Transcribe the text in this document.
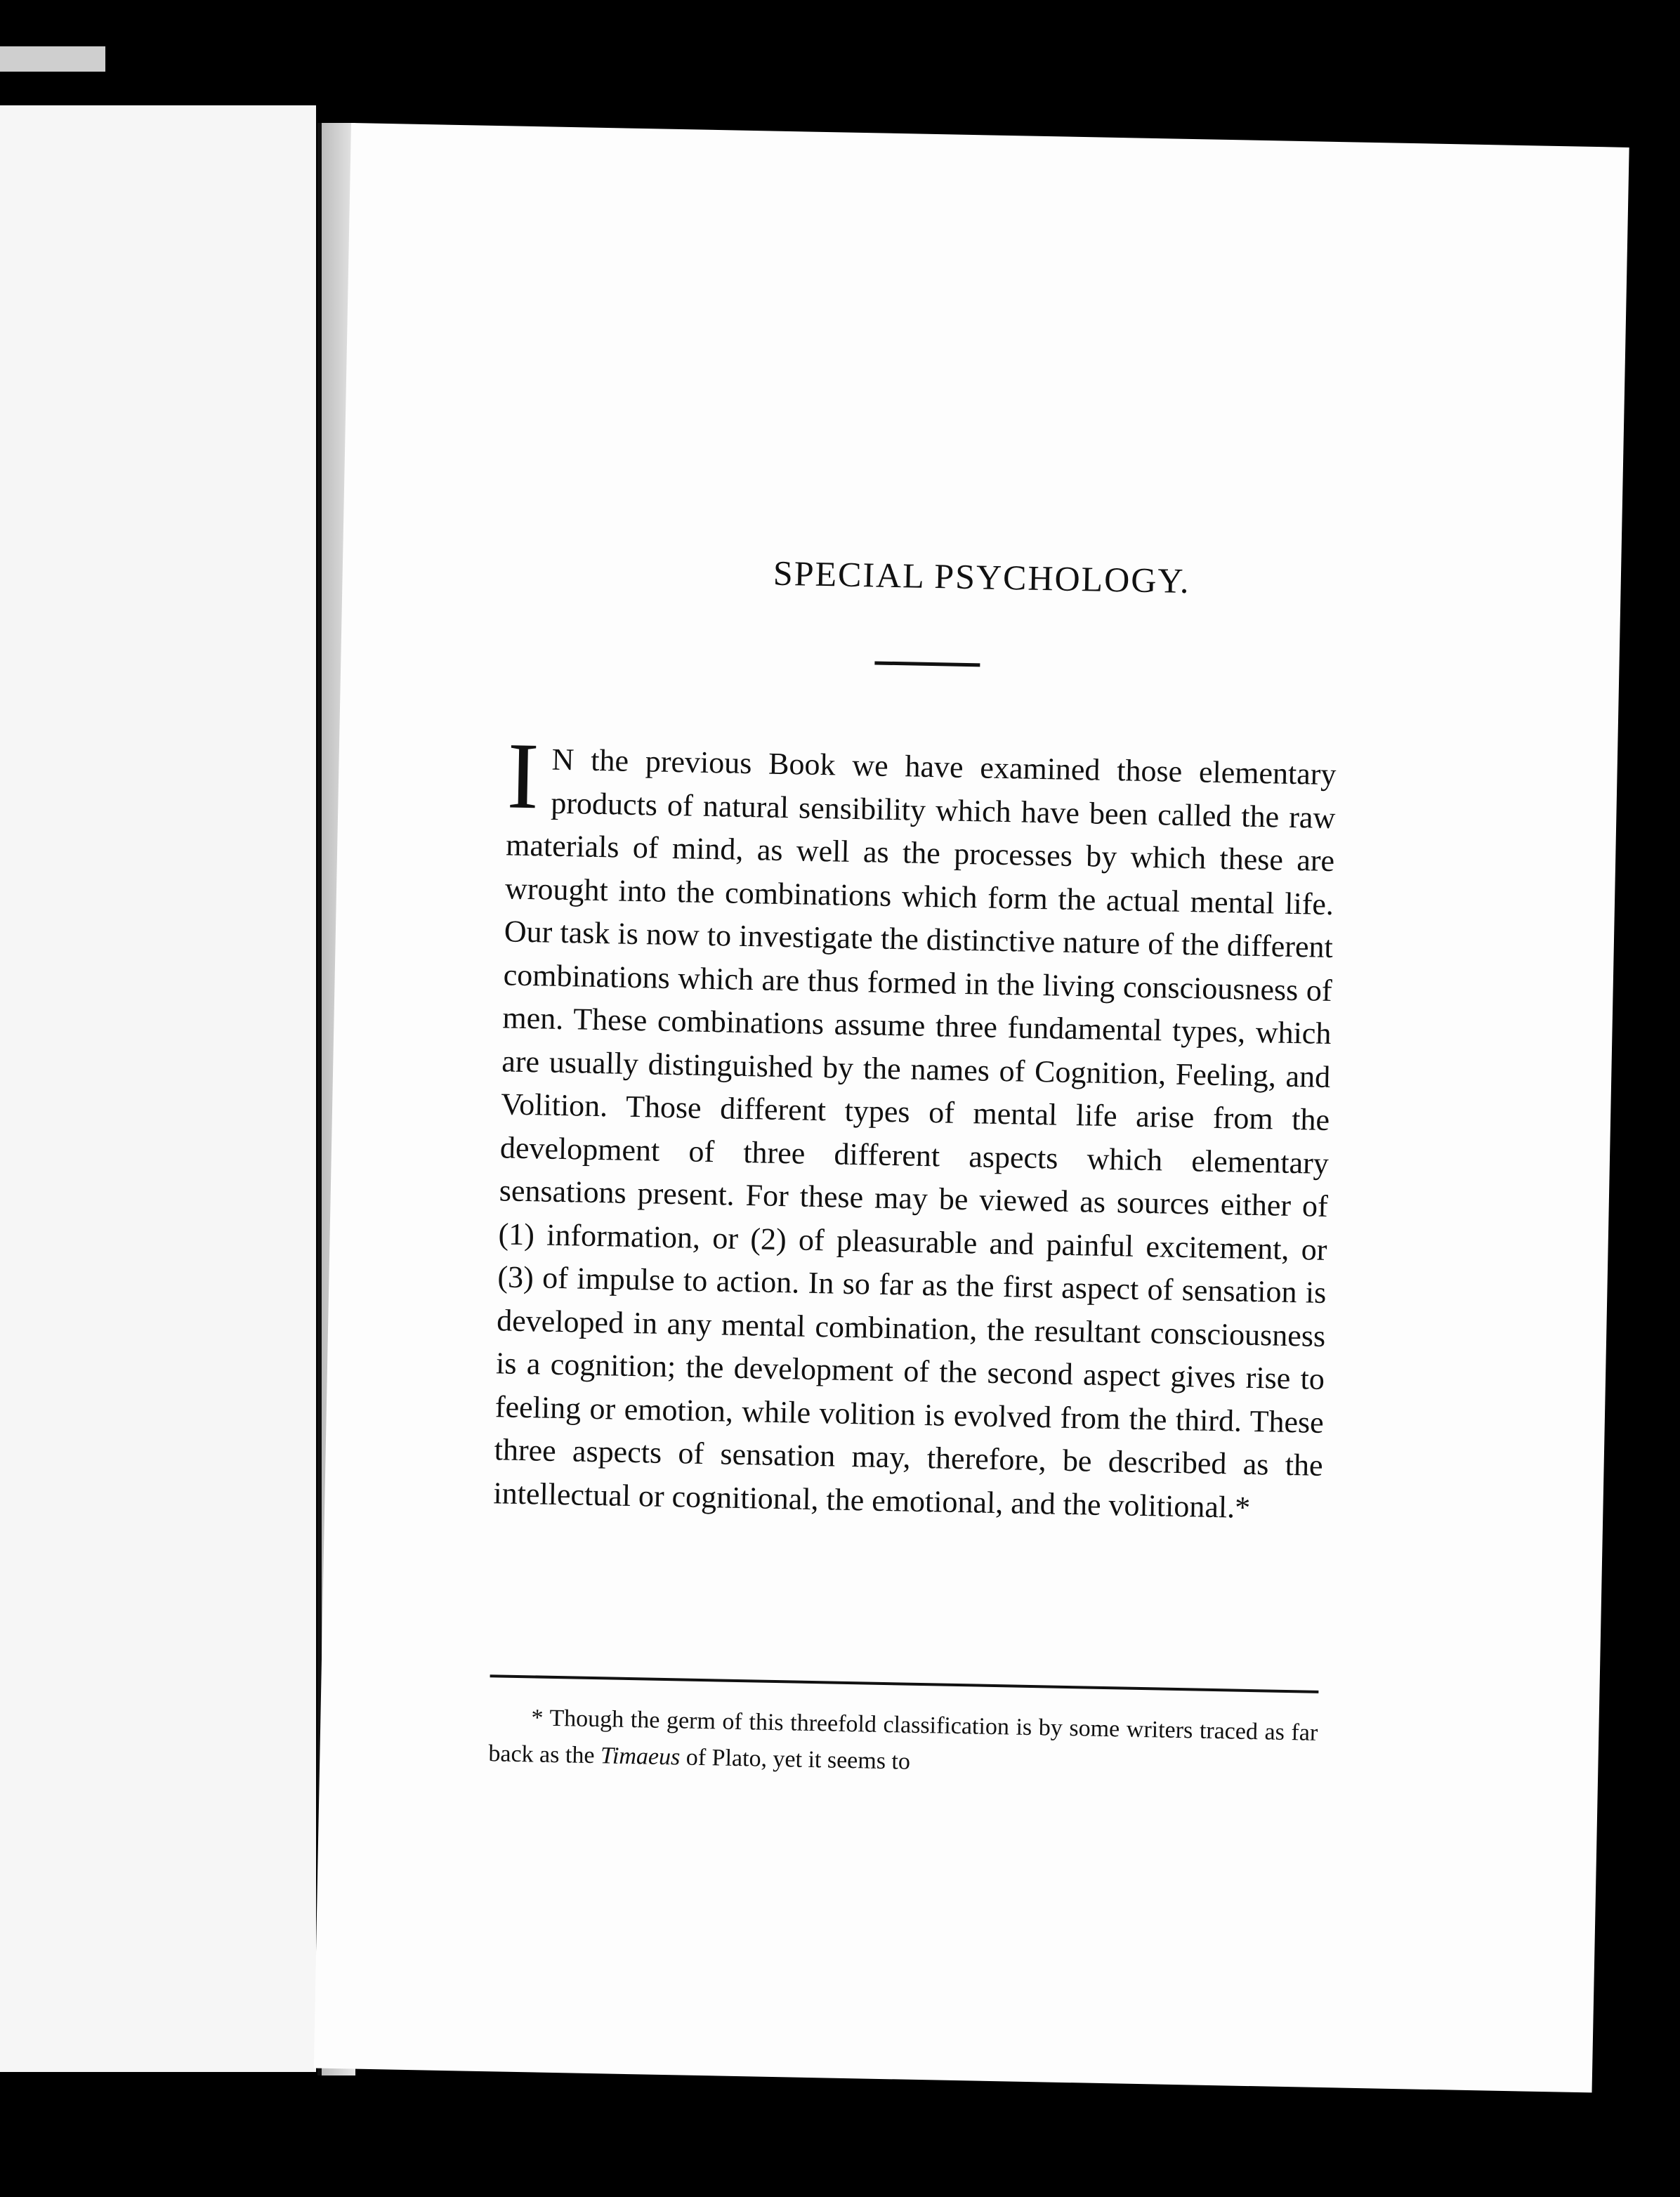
SPECIAL PSYCHOLOGY.

I N the previous Book we have examined those elementary products of natural sensibility which have been called the raw materials of mind, as well as the processes by which these are wrought into the combinations which form the actual mental life. Our task is now to investigate the distinctive nature of the different combinations which are thus formed in the living consciousness of men. These combinations assume three fundamental types, which are usually distinguished by the names of Cognition, Feeling, and Volition. Those different types of mental life arise from the development of three different aspects which elementary sensations present. For these may be viewed as sources either of (1) information, or (2) of pleasurable and painful excitement, or (3) of impulse to action. In so far as the first aspect of sensation is developed in any mental combination, the resultant consciousness is a cognition; the development of the second aspect gives rise to feeling or emotion, while volition is evolved from the third. These three aspects of sensation may, therefore, be described as the intellectual or cognitional, the emotional, and the volitional.*

* Though the germ of this threefold classification is by some writers traced as far back as the Timaeus of Plato, yet it seems to
